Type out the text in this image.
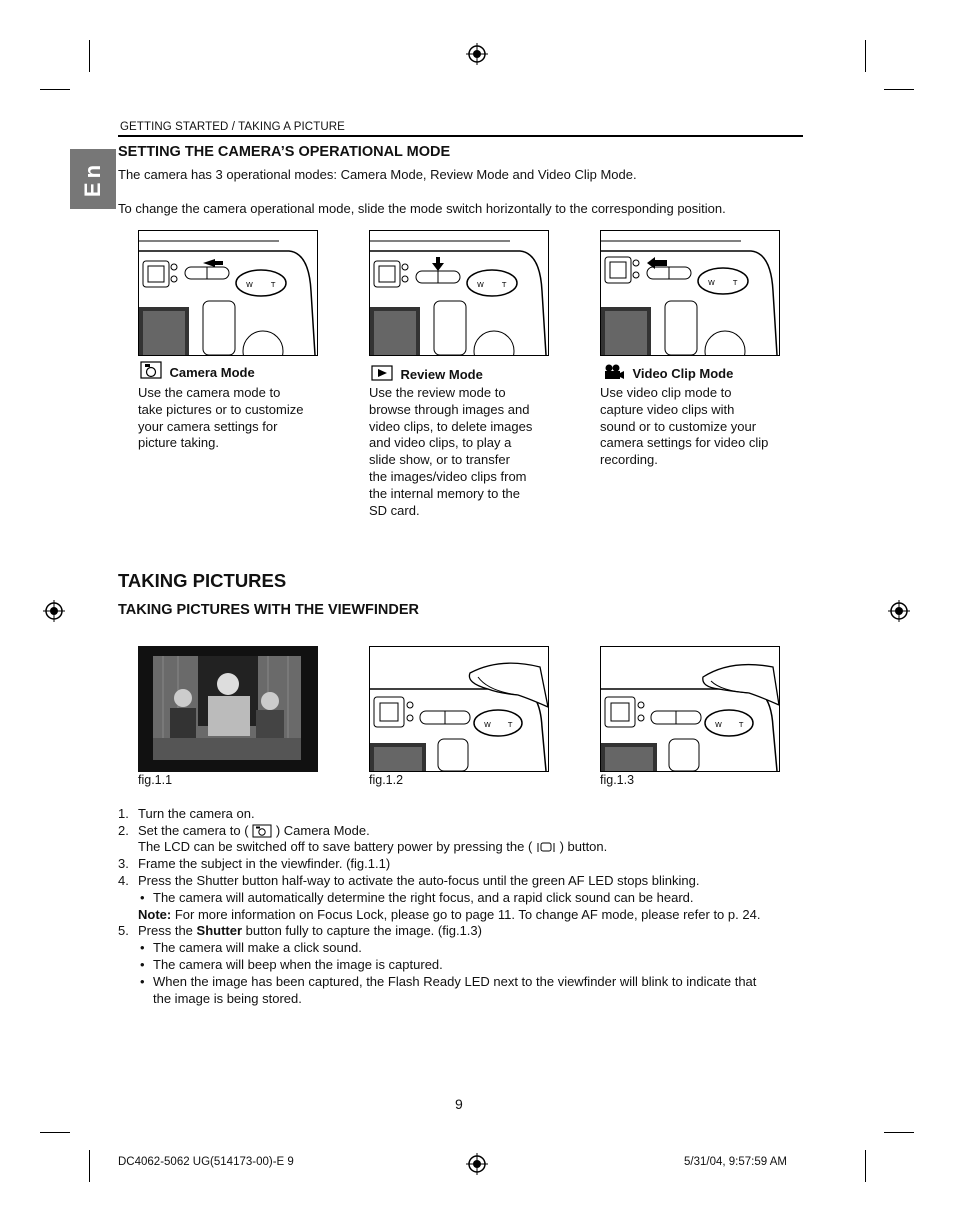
GETTING STARTED / TAKING A PICTURE
En
SETTING THE CAMERA’S OPERATIONAL MODE
The camera has 3 operational modes: Camera Mode, Review Mode and Video Clip Mode.
To change the camera operational mode, slide the mode switch horizontally to the corresponding position.
W	T	W	T	W	T
Camera Mode
Use the camera mode to
take pictures or to customize
your camera settings for
picture taking.
Review Mode
Use the review mode to
browse through images and
video clips, to delete images
and video clips, to play a
slide show, or to transfer
the images/video clips from
the internal memory to the
SD card.
Video Clip Mode
Use video clip mode to
capture video clips with
sound or to customize your
camera settings for video clip
recording.
TAKING PICTURES
TAKING PICTURES WITH THE VIEWFINDER
W T	W T
fig.1.1	fig.1.2	fig.1.3
1. Turn the camera on.
2. Set the camera to ( ) Camera Mode.
The LCD can be switched off to save battery power by pressing the ( ) button.
3. Frame the subject in the viewfinder. (fig.1.1)
4. Press the Shutter button half-way to activate the auto-focus until the green AF LED stops blinking.
• The camera will automatically determine the right focus, and a rapid click sound can be heard.
Note: For more information on Focus Lock, please go to page 11. To change AF mode, please refer to p. 24.
5. Press the Shutter button fully to capture the image. (fig.1.3)
• The camera will make a click sound.
• The camera will beep when the image is captured.
• When the image has been captured, the Flash Ready LED next to the viewfinder will blink to indicate that
the image is being stored.
9
DC4062-5062 UG(514173-00)-E 9	5/31/04, 9:57:59 AM
